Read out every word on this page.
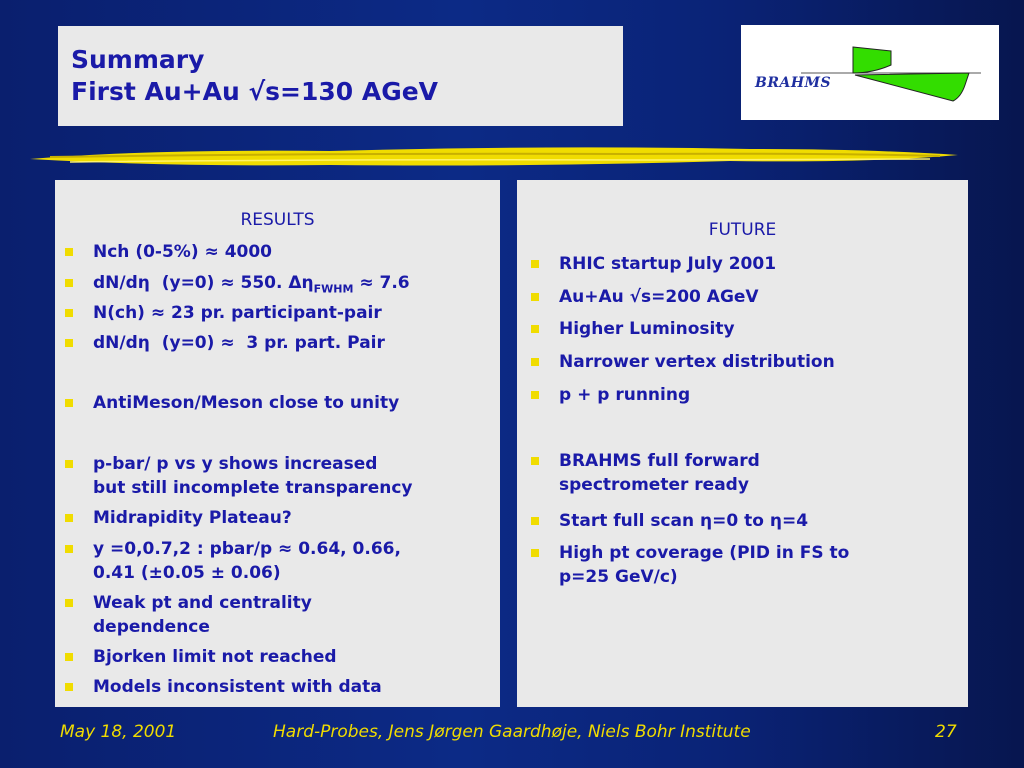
Summary
First Au+Au √s=130 AGeV	BRAHMS
RESULTS
Nch (0-5%) ≈ 4000
dN/dη  (y=0) ≈ 550. $\Delta\eta_{FWHM} \approx 7.6$
N(ch) ≈ 23 pr. participant-pair
dN/dη  (y=0) ≈  3 pr. part. Pair
AntiMeson/Meson close to unity
p-bar/ p vs y shows increased
but still incomplete transparency
Midrapidity Plateau?
y =0,0.7,2 : pbar/p ≈ 0.64, 0.66,
0.41 (±0.05 ± 0.06)
Weak pt and centrality
dependence
Bjorken limit not reached
Models inconsistent with data
FUTURE
RHIC startup July 2001
Au+Au √s=200 AGeV
Higher Luminosity
Narrower vertex distribution
p + p running
BRAHMS full forward
spectrometer ready
Start full scan η=0 to η=4
High pt coverage (PID in FS to
p=25 GeV/c)
May 18, 2001	Hard-Probes, Jens Jørgen Gaardhøje, Niels Bohr Institute	27
